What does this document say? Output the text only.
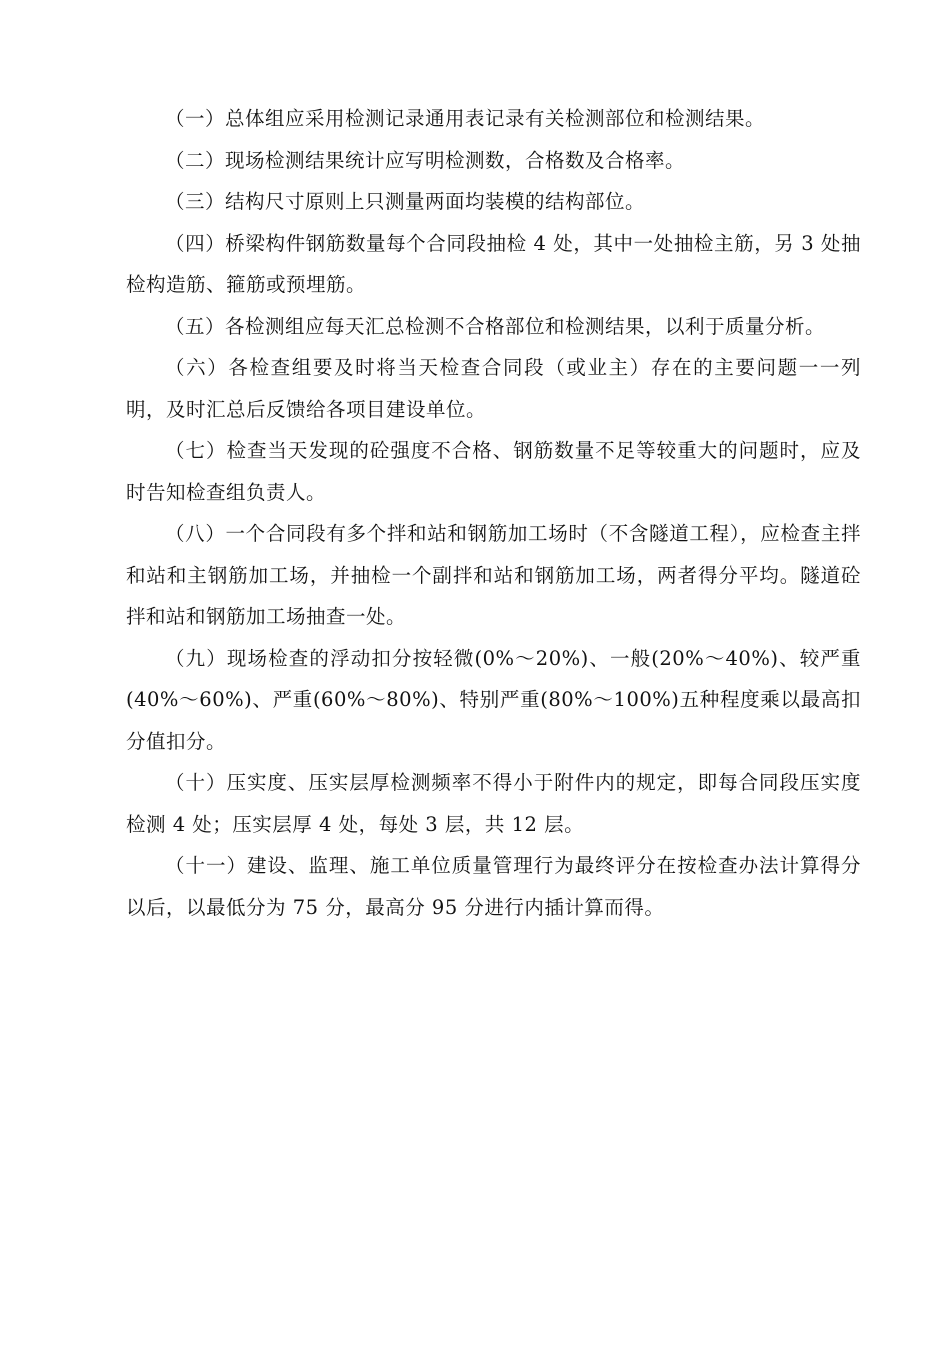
（一）总体组应采用检测记录通用表记录有关检测部位和检测结果。

（二）现场检测结果统计应写明检测数，合格数及合格率。

（三）结构尺寸原则上只测量两面均装模的结构部位。

（四）桥梁构件钢筋数量每个合同段抽检 4 处，其中一处抽检主筋，另 3 处抽检构造筋、箍筋或预埋筋。

（五）各检测组应每天汇总检测不合格部位和检测结果，以利于质量分析。

（六）各检查组要及时将当天检查合同段（或业主）存在的主要问题一一列明，及时汇总后反馈给各项目建设单位。

（七）检查当天发现的砼强度不合格、钢筋数量不足等较重大的问题时，应及时告知检查组负责人。

（八）一个合同段有多个拌和站和钢筋加工场时（不含隧道工程），应检查主拌和站和主钢筋加工场，并抽检一个副拌和站和钢筋加工场，两者得分平均。隧道砼拌和站和钢筋加工场抽查一处。

（九）现场检查的浮动扣分按轻微(0%～20%)、一般(20%～40%)、较严重(40%～60%)、严重(60%～80%)、特别严重(80%～100%)五种程度乘以最高扣分值扣分。

（十）压实度、压实层厚检测频率不得小于附件内的规定，即每合同段压实度检测 4 处；压实层厚 4 处，每处 3 层，共 12 层。

（十一）建设、监理、施工单位质量管理行为最终评分在按检查办法计算得分以后，以最低分为 75 分，最高分 95 分进行内插计算而得。
